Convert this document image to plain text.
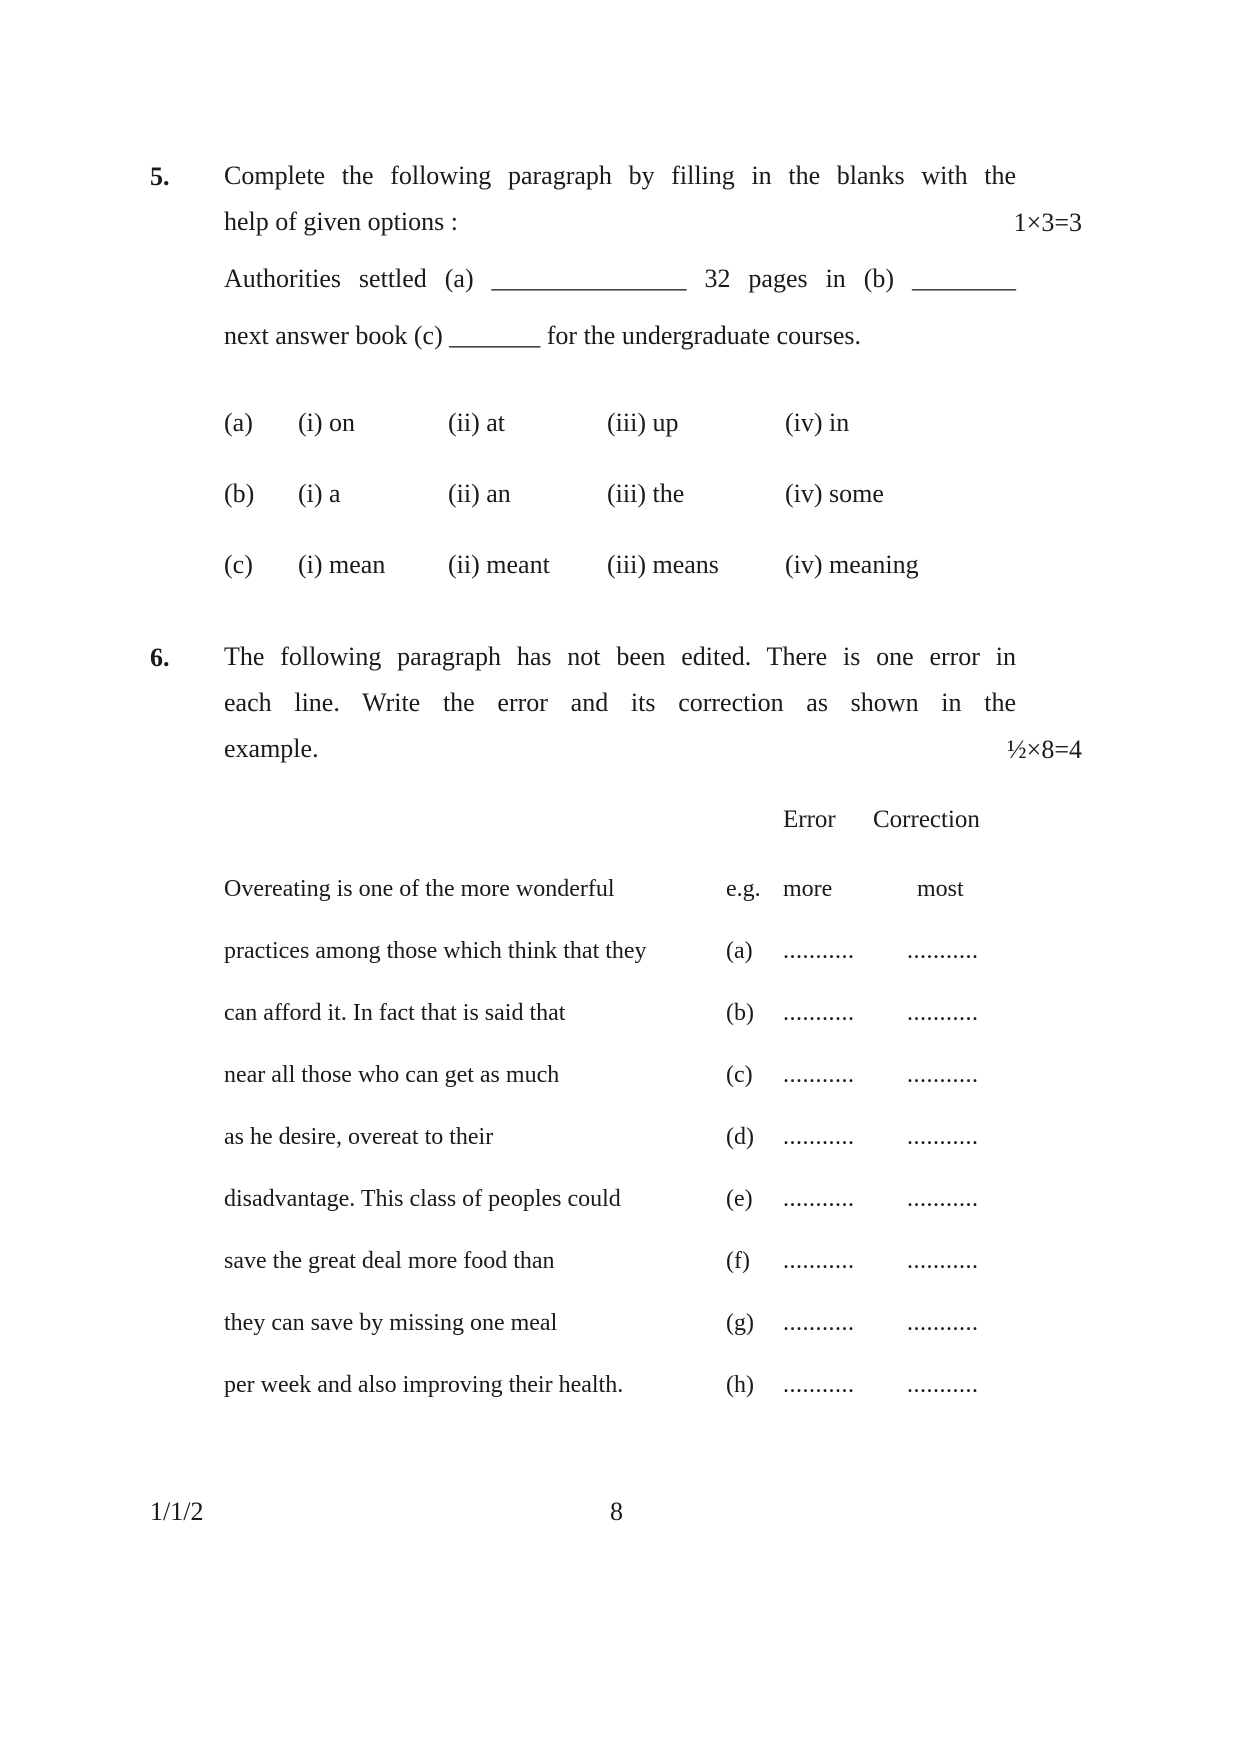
5. Complete the following paragraph by filling in the blanks with the
help of given options :	1×3=3
Authorities settled (a) _______________ 32 pages in (b) ________
next answer book (c) _______ for the undergraduate courses.
(a) (i) on	(ii) at	(iii) up	(iv) in
(b) (i) a	(ii) an	(iii) the	(iv) some
(c) (i) mean (ii) meant (iii) means	(iv) meaning
6. The following paragraph has not been edited. There is one error in
each line. Write the error and its correction as shown in the
example.	½×8=4
Error Correction
Overeating is one of the more wonderful	e.g. more	most
practices among those which think that they	(a) ........... ...........
can afford it. In fact that is said that	(b) ........... ...........
near all those who can get as much	(c) ........... ...........
as he desire, overeat to their	(d) ........... ...........
disadvantage. This class of peoples could	(e) ........... ...........
save the great deal more food than	(f) ........... ...........
they can save by missing one meal	(g) ........... ...........
per week and also improving their health.	(h) ........... ...........
1/1/2	8
